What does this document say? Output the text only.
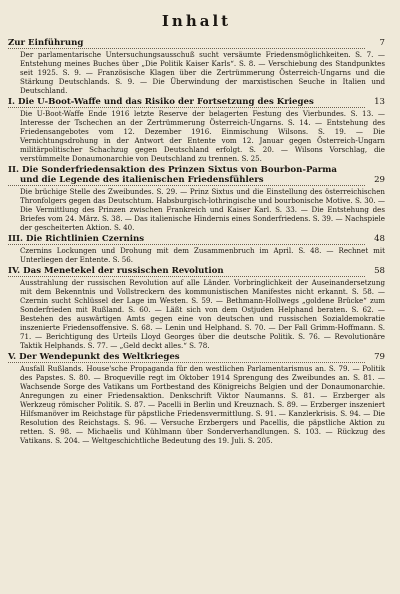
Inhalt
Zur Einführung	7
Der parlamentarische Untersuchungsausschuß sucht versäumte Friedensmöglichkeiten. S. 7. — Entstehung meines Buches über „Die Politik Kaiser Karls“. S. 8. — Verschiebung des Standpunktes seit 1925. S. 9. — Französische Klagen über die Zertrümmerung Österreich-Ungarns und die Stärkung Deutschlands. S. 9. — Die Überwindung der marxistischen Seuche in Italien und Deutschland.
I. Die U-Boot-Waffe und das Risiko der Fortsetzung des Krieges	13
Die U-Boot-Waffe Ende 1916 letzte Reserve der belagerten Festung des Vierbundes. S. 13. — Interesse der Tschechen an der Zertrümmerung Österreich-Ungarns. S. 14. — Entstehung des Friedensangebotes vom 12. Dezember 1916. Einmischung Wilsons. S. 19. — Die Vernichtungsdrohung in der Antwort der Entente vom 12. Januar gegen Österreich-Ungarn militärpolitischer Schachzug gegen Deutschland erfolgt. S. 20. — Wilsons Vorschlag, die verstümmelte Donaumonarchie von Deutschland zu trennen. S. 25.
II. Die Sonderfriedensaktion des Prinzen Sixtus von Bourbon-Parma
und die Legende des italienischen Friedensfühlers	29
Die brüchige Stelle des Zweibundes. S. 29. — Prinz Sixtus und die Einstellung des österreichischen Thronfolgers gegen das Deutschtum. Habsburgisch-lothringische und bourbonische Motive. S. 30. — Die Vermittlung des Prinzen zwischen Frankreich und Kaiser Karl. S. 33. — Die Entstehung des Briefes vom 24. März. S. 38. — Das italienische Hindernis eines Sonderfriedens. S. 39. — Nachspiele der gescheiterten Aktion. S. 40.
III. Die Richtlinien Czernins	48
Czernins Lockungen und Drohung mit dem Zusammenbruch im April. S. 48. — Rechnet mit Unterliegen der Entente. S. 56.
IV. Das Menetekel der russischen Revolution	58
Ausstrahlung der russischen Revolution auf alle Länder. Vorbringlichkeit der Auseinandersetzung mit dem Bekenntnis und Vollstreckern des kommunistischen Manifestes nicht erkannt. S. 58. — Czernin sucht Schlüssel der Lage im Westen. S. 59. — Bethmann-Hollwegs „goldene Brücke“ zum Sonderfrieden mit Rußland. S. 60. — Läßt sich von dem Ostjuden Helphand beraten. S. 62. — Bestehen des auswärtigen Amts gegen eine von deutschen und russischen Sozialdemokratie inszenierte Friedensoffensive. S. 68. — Lenin und Helphand. S. 70. — Der Fall Grimm-Hoffmann. S. 71. — Berichtigung des Urteils Lloyd Georges über die deutsche Politik. S. 76. — Revolutionäre Taktik Helphands. S. 77. — „Geld deckt alles.“ S. 78.
V. Der Wendepunkt des Weltkrieges	79
Ausfall Rußlands. House'sche Propaganda für den westlichen Parlamentarismus an. S. 79. — Politik des Papstes. S. 80. — Broqueville regt im Oktober 1914 Sprengung des Zweibundes an. S. 81. — Wachsende Sorge des Vatikans um Fortbestand des Königreichs Belgien und der Donaumonarchie. Anregungen zu einer Friedensaktion. Denkschrift Viktor Naumanns. S. 81. — Erzberger als Werkzeug römischer Politik. S. 87. — Pacelli in Berlin und Kreuznach. S. 89. — Erzberger inszeniert Hilfsmanöver im Reichstage für päpstliche Friedensvermittlung. S. 91. — Kanzlerkrisis. S. 94. — Die Resolution des Reichstags. S. 96. — Versuche Erzbergers und Pacellis, die päpstliche Aktion zu retten. S. 98. — Michaelis und Kühlmann über Sonderverhandlungen. S. 103. — Rückzug des Vatikans. S. 204. — Weltgeschichtliche Bedeutung des 19. Juli. S. 205.
